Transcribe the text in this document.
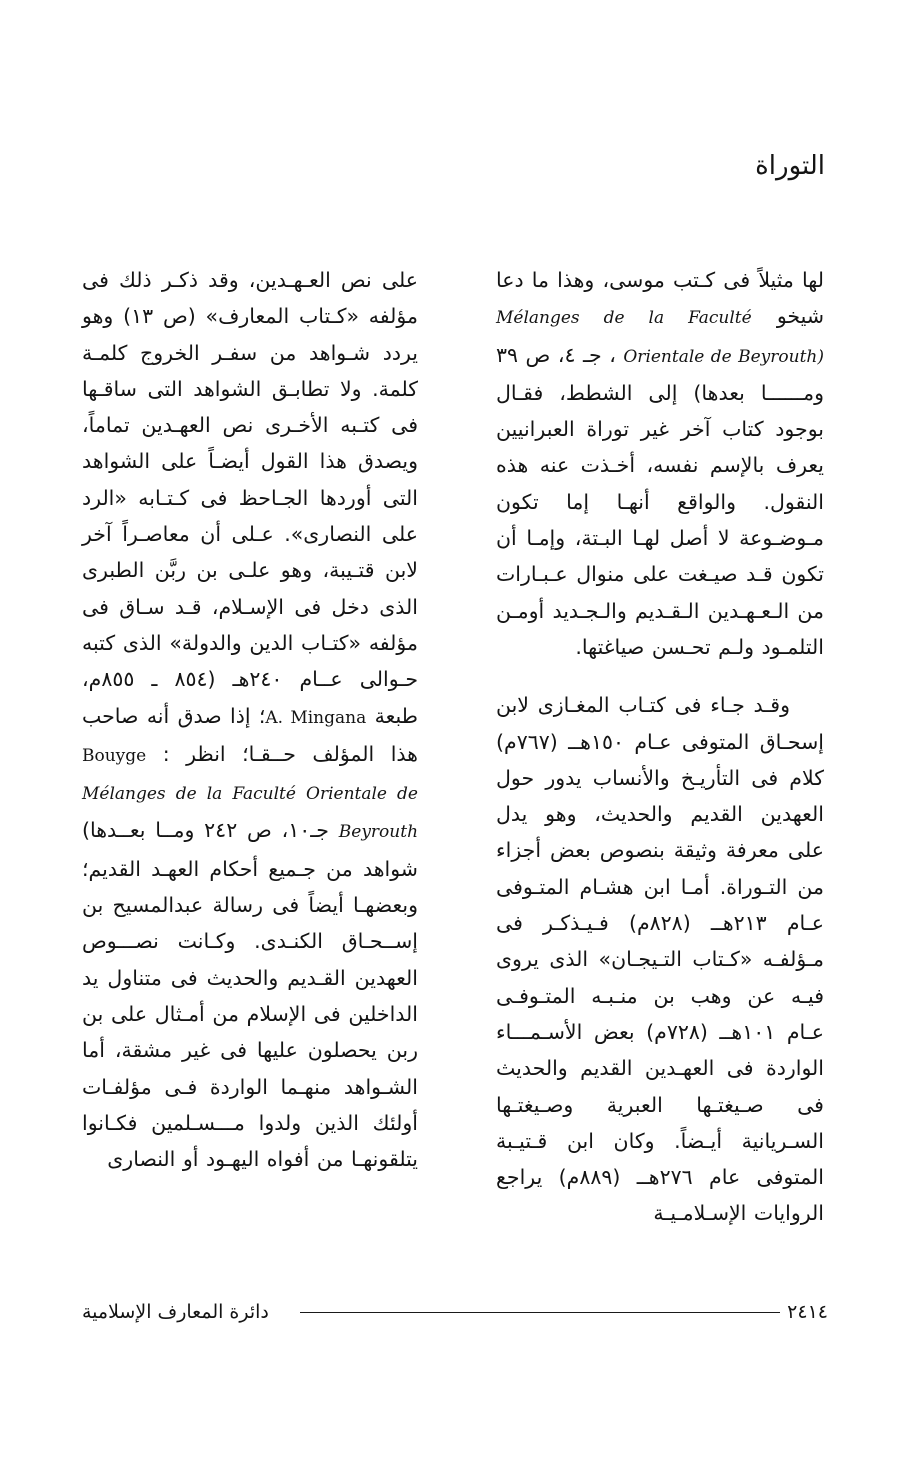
التوراة

لها مثيلاً فى كـتب موسى، وهذا ما دعا شيخو Mélanges de la Faculté Orientale de Beyrouth) ، جـ ٤، ص ٣٩ ومــــــا بعدها) إلى الشطط، فقـال بوجود كتاب آخر غير توراة العبرانيين يعرف بالإسم نفسه، أخـذت عنه هذه النقول. والواقع أنهـا إما تكون مـوضـوعة لا أصل لهـا البـتة، وإمـا أن تكون قـد صيـغت على منوال عـبـارات من الـعـهـدين الـقـديم والـجـديد أومـن التلمـود ولـم تحـسن صياغتها.

وقـد جـاء فى كتـاب المغـازى لابن إسحـاق المتوفى عـام ١٥٠هــ (٧٦٧م) كلام فى التأريـخ والأنساب يدور حول العهدين القديم والحديث، وهو يدل على معرفة وثيقة بنصوص بعض أجزاء من التـوراة. أمـا ابن هشـام المتـوفى عـام ٢١٣هــ (٨٢٨م) فـيـذكـر فى مـؤلفـه «كـتاب التـيجـان» الذى يروى فيـه عن وهب بن منـبـه المتـوفـى عـام ١٠١هــ (٧٢٨م) بعض الأسـمـــاء الواردة فى العهـدين القديم والحديث فى صـيغتـها العبرية وصـيغتـها السـريانية أيـضاً. وكان ابن قـتيـبة المتوفى عام ٢٧٦هــ (٨٨٩م) يراجع الروايات الإسـلامـيـة

على نص العـهـدين، وقد ذكـر ذلك فى مؤلفه «كـتاب المعارف» (ص ١٣) وهو يردد شـواهد من سفـر الخروج كلمـة كلمة. ولا تطابـق الشواهد التى ساقـها فى كتـبه الأخـرى نص العهـدين تماماً، ويصدق هذا القول أيضـاً على الشواهد التى أوردها الجـاحظ فى كـتـابه «الرد على النصارى». عـلى أن معاصـراً آخر لابن قتـيبة، وهو علـى بن ربَّن الطبرى الذى دخل فى الإسـلام، قـد سـاق فى مؤلفه «كتـاب الدين والدولة» الذى كتبه حـوالى عــام ٢٤٠هـ (٨٥٤ ـ ٨٥٥م، طبعة A. Mingana؛ إذا صدق أنه صاحب هذا المؤلف حــقـا؛ انظر Bouyge : Mélanges de la Faculté Orientale de Beyrouth جـ١٠، ص ٢٤٢ ومــا بعــدها) شواهد من جـميع أحكام العهـد القديم؛ وبعضهـا أيضاً فى رسالة عبدالمسيح بن إســحـاق الكنـدى. وكـانت نصـــوص العهدين القـديم والحديث فى متناول يد الداخلين فى الإسلام من أمـثال على بن ربن يحصلون عليها فى غير مشقة، أما الشـواهد منهـما الواردة فـى مؤلفـات أولئك الذين ولدوا مـــسـلمين فكـانوا يتلقونهـا من أفواه اليهـود أو النصارى

دائرة المعارف الإسلامية	٢٤١٤
